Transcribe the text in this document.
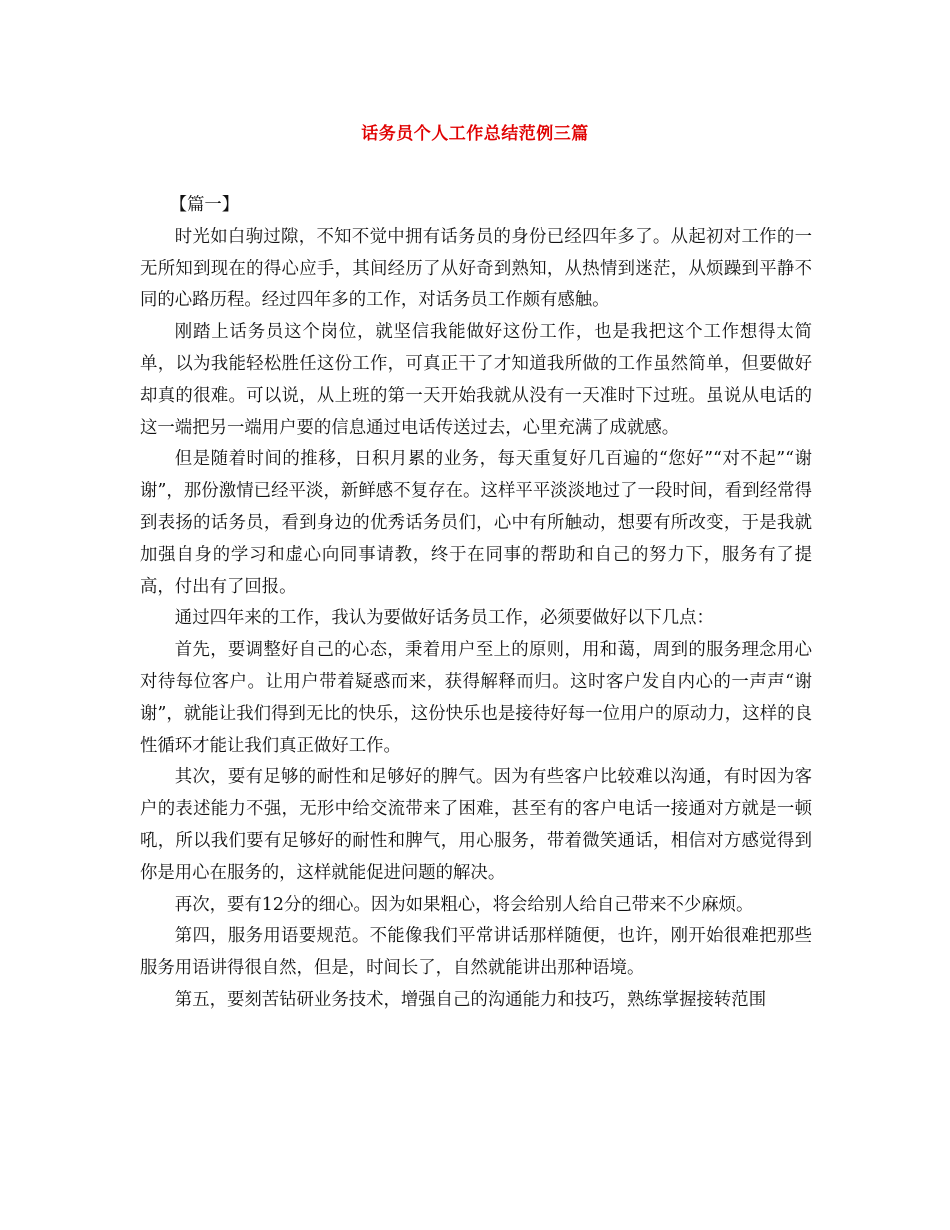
话务员个人工作总结范例三篇

【篇一】

时光如白驹过隙，不知不觉中拥有话务员的身份已经四年多了。从起初对工作的一无所知到现在的得心应手，其间经历了从好奇到熟知，从热情到迷茫，从烦躁到平静不同的心路历程。经过四年多的工作，对话务员工作颇有感触。

刚踏上话务员这个岗位，就坚信我能做好这份工作，也是我把这个工作想得太简单，以为我能轻松胜任这份工作，可真正干了才知道我所做的工作虽然简单，但要做好却真的很难。可以说，从上班的第一天开始我就从没有一天准时下过班。虽说从电话的这一端把另一端用户要的信息通过电话传送过去，心里充满了成就感。

但是随着时间的推移，日积月累的业务，每天重复好几百遍的“您好”“对不起”“谢谢”，那份激情已经平淡，新鲜感不复存在。这样平平淡淡地过了一段时间，看到经常得到表扬的话务员，看到身边的优秀话务员们，心中有所触动，想要有所改变，于是我就加强自身的学习和虚心向同事请教，终于在同事的帮助和自己的努力下，服务有了提高，付出有了回报。

通过四年来的工作，我认为要做好话务员工作，必须要做好以下几点：

首先，要调整好自己的心态，秉着用户至上的原则，用和蔼，周到的服务理念用心对待每位客户。让用户带着疑惑而来，获得解释而归。这时客户发自内心的一声声“谢谢”，就能让我们得到无比的快乐，这份快乐也是接待好每一位用户的原动力，这样的良性循环才能让我们真正做好工作。

其次，要有足够的耐性和足够好的脾气。因为有些客户比较难以沟通，有时因为客户的表述能力不强，无形中给交流带来了困难，甚至有的客户电话一接通对方就是一顿吼，所以我们要有足够好的耐性和脾气，用心服务，带着微笑通话，相信对方感觉得到你是用心在服务的，这样就能促进问题的解决。

再次，要有12分的细心。因为如果粗心，将会给别人给自己带来不少麻烦。

第四，服务用语要规范。不能像我们平常讲话那样随便，也许，刚开始很难把那些服务用语讲得很自然，但是，时间长了，自然就能讲出那种语境。

第五，要刻苦钻研业务技术，增强自己的沟通能力和技巧，熟练掌握接转范围
